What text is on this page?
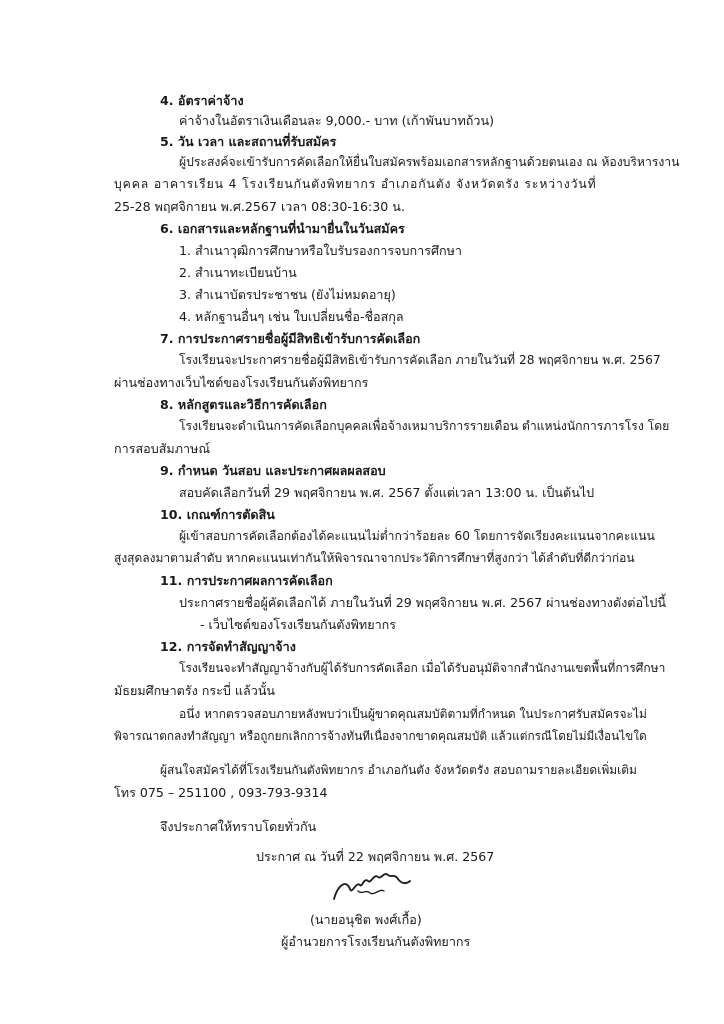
4. อัตราค่าจ้าง
ค่าจ้างในอัตราเงินเดือนละ 9,000.- บาท (เก้าพันบาทถ้วน)
5. วัน เวลา และสถานที่รับสมัคร
ผู้ประสงค์จะเข้ารับการคัดเลือกให้ยื่นใบสมัครพร้อมเอกสารหลักฐานด้วยตนเอง ณ ห้องบริหารงาน
บุคคล อาคารเรียน 4 โรงเรียนกันตังพิทยากร อำเภอกันตัง จังหวัดตรัง ระหว่างวันที่
25-28 พฤศจิกายน พ.ศ.2567 เวลา 08:30-16:30 น.
6. เอกสารและหลักฐานที่นำมายื่นในวันสมัคร
1. สำเนาวุฒิการศึกษาหรือใบรับรองการจบการศึกษา
2. สำเนาทะเบียนบ้าน
3. สำเนาบัตรประชาชน (ยังไม่หมดอายุ)
4. หลักฐานอื่นๆ เช่น ใบเปลี่ยนชื่อ-ชื่อสกุล
7. การประกาศรายชื่อผู้มีสิทธิเข้ารับการคัดเลือก
โรงเรียนจะประกาศรายชื่อผู้มีสิทธิเข้ารับการคัดเลือก ภายในวันที่ 28 พฤศจิกายน พ.ศ. 2567
ผ่านช่องทางเว็บไซต์ของโรงเรียนกันตังพิทยากร
8. หลักสูตรและวิธีการคัดเลือก
โรงเรียนจะดำเนินการคัดเลือกบุคคลเพื่อจ้างเหมาบริการรายเดือน ตำแหน่งนักการภารโรง โดย
การสอบสัมภาษณ์
9. กำหนด วันสอบ และประกาศผลผลสอบ
สอบคัดเลือกวันที่ 29 พฤศจิกายน พ.ศ. 2567 ตั้งแต่เวลา 13:00 น. เป็นต้นไป
10. เกณฑ์การตัดสิน
ผู้เข้าสอบการคัดเลือกต้องได้คะแนนไม่ต่ำกว่าร้อยละ 60 โดยการจัดเรียงคะแนนจากคะแนน
สูงสุดลงมาตามลำดับ หากคะแนนเท่ากันให้พิจารณาจากประวัติการศึกษาที่สูงกว่า ได้ลำดับที่ดีกว่าก่อน
11. การประกาศผลการคัดเลือก
ประกาศรายชื่อผู้คัดเลือกได้ ภายในวันที่ 29 พฤศจิกายน พ.ศ. 2567 ผ่านช่องทางดังต่อไปนี้
- เว็บไซต์ของโรงเรียนกันตังพิทยากร
12. การจัดทำสัญญาจ้าง
โรงเรียนจะทำสัญญาจ้างกับผู้ได้รับการคัดเลือก เมื่อได้รับอนุมัติจากสำนักงานเขตพื้นที่การศึกษา
มัธยมศึกษาตรัง กระบี่ แล้วนั้น
อนึ่ง หากตรวจสอบภายหลังพบว่าเป็นผู้ขาดคุณสมบัติตามที่กำหนด ในประกาศรับสมัครจะไม่
พิจารณาตกลงทำสัญญา หรือถูกยกเลิกการจ้างทันทีเนื่องจากขาดคุณสมบัติ แล้วแต่กรณีโดยไม่มีเงื่อนไขใด
ผู้สนใจสมัครได้ที่โรงเรียนกันตังพิทยากร อำเภอกันตัง จังหวัดตรัง สอบถามรายละเอียดเพิ่มเติม
โทร 075 – 251100 , 093-793-9314
จึงประกาศให้ทราบโดยทั่วกัน
ประกาศ ณ วันที่ 22 พฤศจิกายน พ.ศ. 2567
(นายอนุชิต พงศ์เกื้อ)
ผู้อำนวยการโรงเรียนกันตังพิทยากร
